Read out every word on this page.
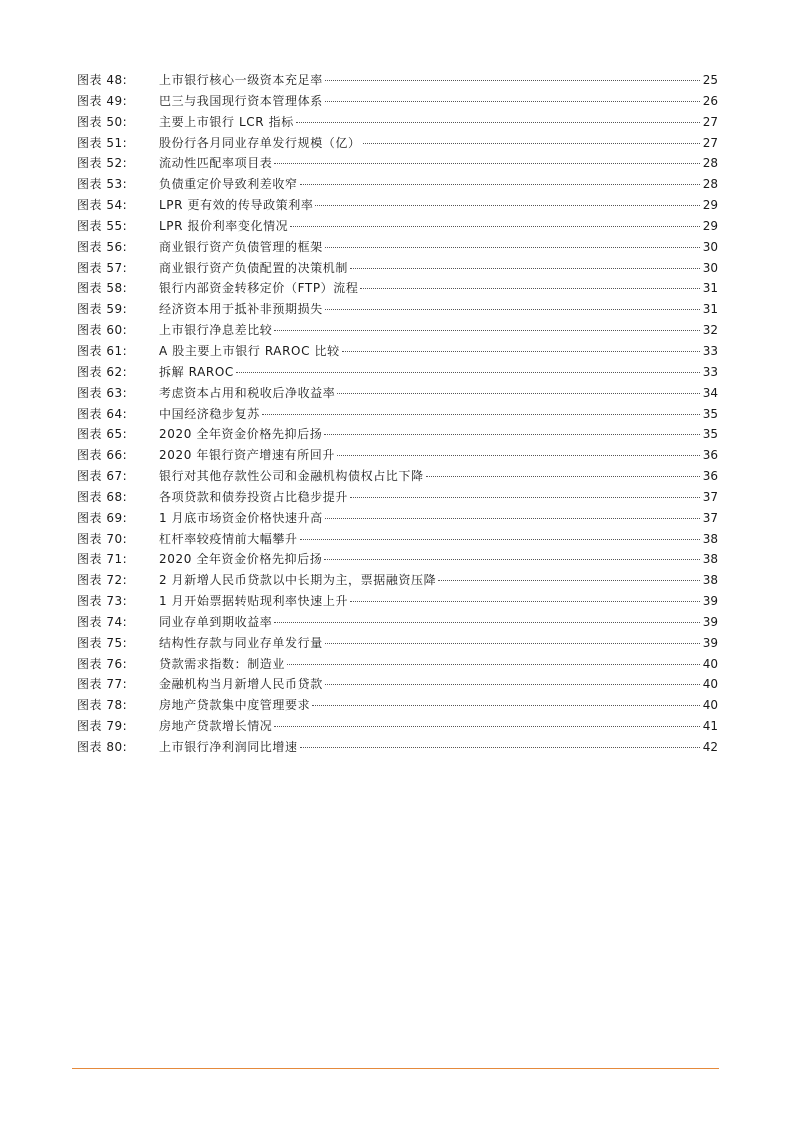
图表 48:	上市银行核心一级资本充足率	25
图表 49:	巴三与我国现行资本管理体系	26
图表 50:	主要上市银行 LCR 指标	27
图表 51:	股份行各月同业存单发行规模（亿）	27
图表 52:	流动性匹配率项目表	28
图表 53:	负债重定价导致利差收窄	28
图表 54:	LPR 更有效的传导政策利率	29
图表 55:	LPR 报价利率变化情况	29
图表 56:	商业银行资产负债管理的框架	30
图表 57:	商业银行资产负债配置的决策机制	30
图表 58:	银行内部资金转移定价（FTP）流程	31
图表 59:	经济资本用于抵补非预期损失	31
图表 60:	上市银行净息差比较	32
图表 61:	A 股主要上市银行 RAROC 比较	33
图表 62:	拆解 RAROC	33
图表 63:	考虑资本占用和税收后净收益率	34
图表 64:	中国经济稳步复苏	35
图表 65:	2020 全年资金价格先抑后扬	35
图表 66:	2020 年银行资产增速有所回升	36
图表 67:	银行对其他存款性公司和金融机构债权占比下降	36
图表 68:	各项贷款和债券投资占比稳步提升	37
图表 69:	1 月底市场资金价格快速升高	37
图表 70:	杠杆率较疫情前大幅攀升	38
图表 71:	2020 全年资金价格先抑后扬	38
图表 72:	2 月新增人民币贷款以中长期为主，票据融资压降	38
图表 73:	1 月开始票据转贴现利率快速上升	39
图表 74:	同业存单到期收益率	39
图表 75:	结构性存款与同业存单发行量	39
图表 76:	贷款需求指数：制造业	40
图表 77:	金融机构当月新增人民币贷款	40
图表 78:	房地产贷款集中度管理要求	40
图表 79:	房地产贷款增长情况	41
图表 80:	上市银行净利润同比增速	42
